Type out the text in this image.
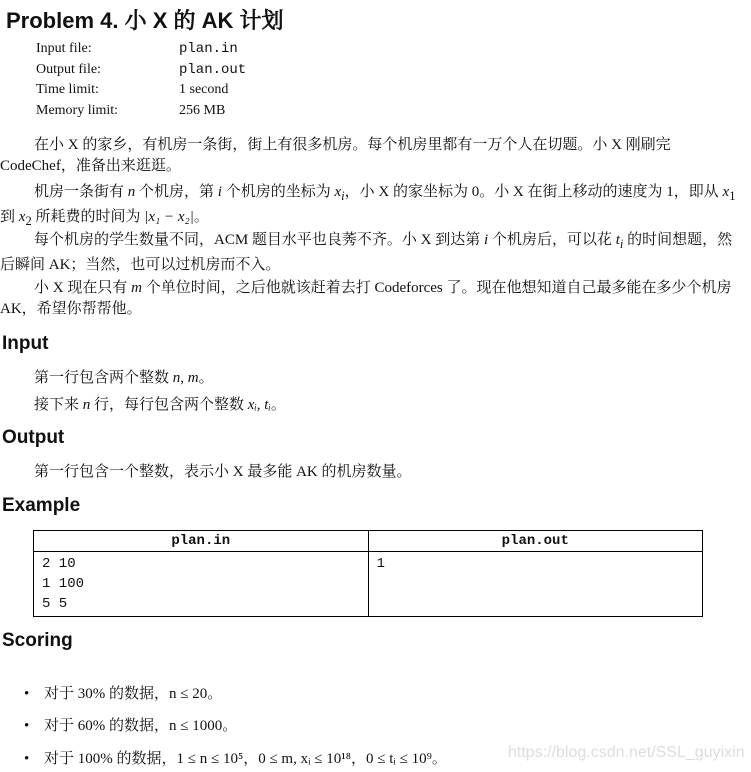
Problem 4. 小 X 的 AK 计划
Input file:	plan.in
Output file:	plan.out
Time limit:	1 second
Memory limit:	256 MB
在小 X 的家乡，有机房一条街，街上有很多机房。每个机房里都有一万个人在切题。小 X 刚刷完 CodeChef，准备出来逛逛。
机房一条街有 n 个机房，第 i 个机房的坐标为 $x_i$，小 X 的家坐标为 0。小 X 在街上移动的速度为 1，即从 $x_1$ 到 $x_2$ 所耗费的时间为 |x₁ − x₂|。
每个机房的学生数量不同，ACM 题目水平也良莠不齐。小 X 到达第 i 个机房后，可以花 $t_i$ 的时间想题，然后瞬间 AK；当然，也可以过机房而不入。
小 X 现在只有 m 个单位时间，之后他就该赶着去打 Codeforces 了。现在他想知道自己最多能在多少个机房 AK，希望你帮帮他。
Input
第一行包含两个整数 n, m。
接下来 n 行，每行包含两个整数 xᵢ, tᵢ。
Output
第一行包含一个整数，表示小 X 最多能 AK 的机房数量。
Example
plan.in	plan.out

2 10
1 100
5 5	1
Scoring
• 对于 30% 的数据，n ≤ 20。
• 对于 60% 的数据，n ≤ 1000。
• 对于 100% 的数据，1 ≤ n ≤ 10⁵，0 ≤ m, xᵢ ≤ 10¹⁸，0 ≤ tᵢ ≤ 10⁹。	https://blog.csdn.net/SSL_guyixin
